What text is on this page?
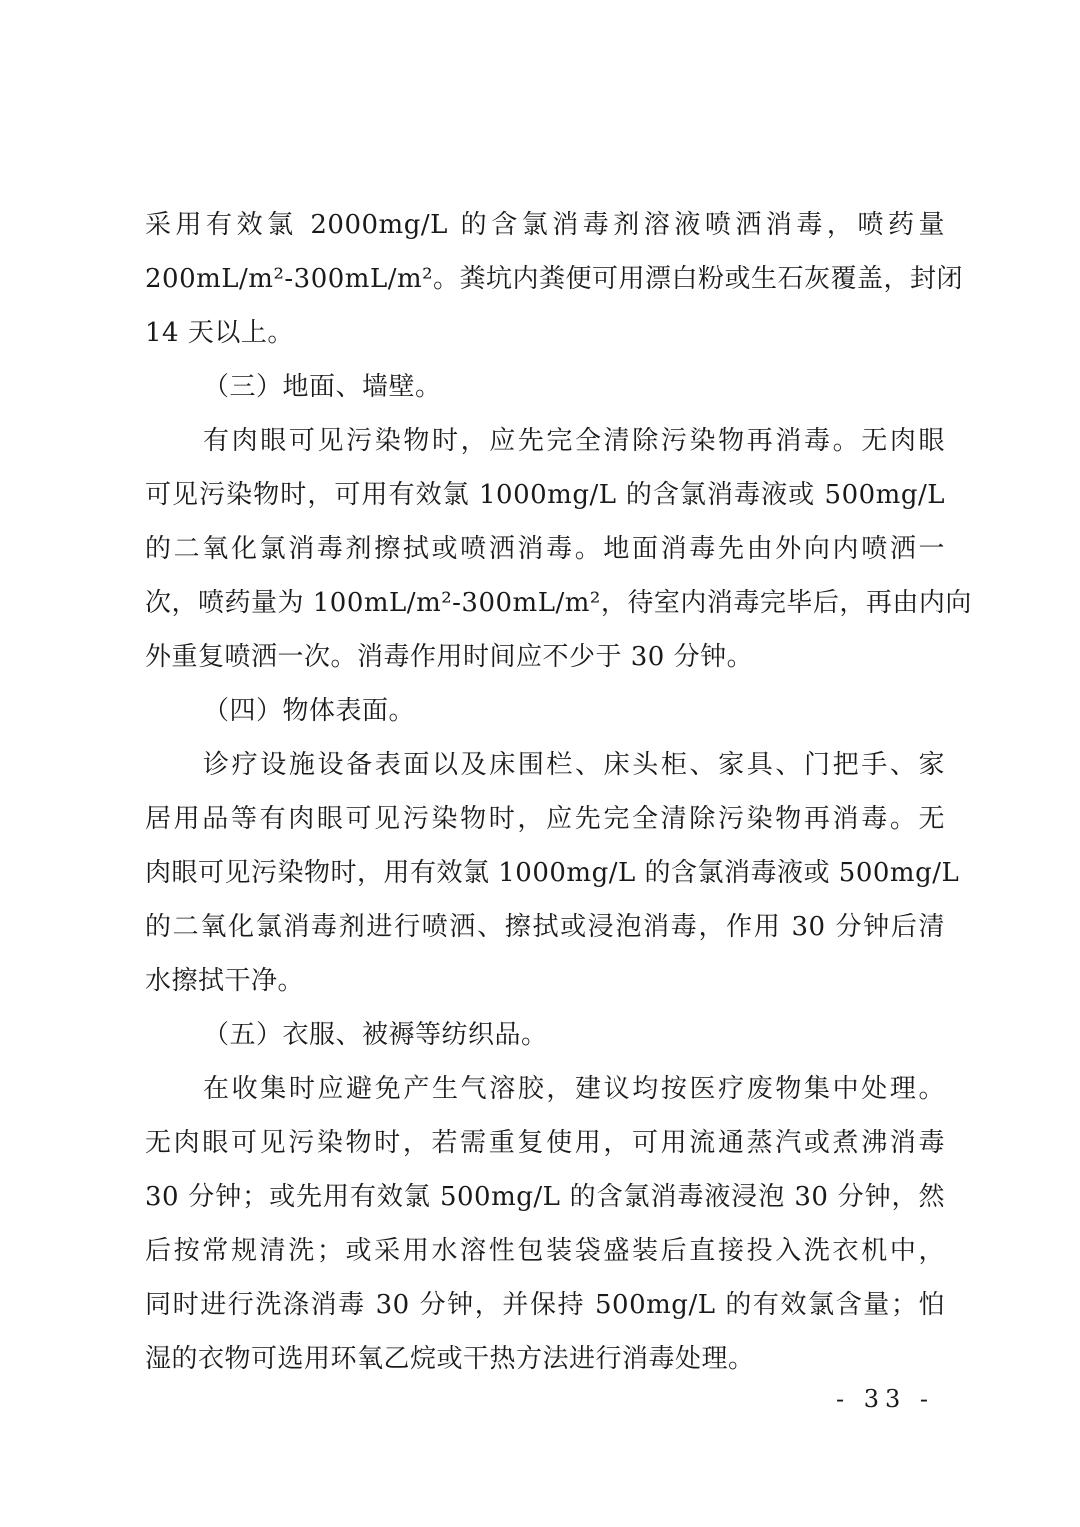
采用有效氯 2000mg/L 的含氯消毒剂溶液喷洒消毒，喷药量
200mL/m²-300mL/m²。粪坑内粪便可用漂白粉或生石灰覆盖，封闭
14 天以上。
（三）地面、墙壁。
有肉眼可见污染物时，应先完全清除污染物再消毒。无肉眼
可见污染物时，可用有效氯 1000mg/L 的含氯消毒液或 500mg/L
的二氧化氯消毒剂擦拭或喷洒消毒。地面消毒先由外向内喷洒一
次，喷药量为 100mL/m²-300mL/m²，待室内消毒完毕后，再由内向
外重复喷洒一次。消毒作用时间应不少于 30 分钟。
（四）物体表面。
诊疗设施设备表面以及床围栏、床头柜、家具、门把手、家
居用品等有肉眼可见污染物时，应先完全清除污染物再消毒。无
肉眼可见污染物时，用有效氯 1000mg/L 的含氯消毒液或 500mg/L
的二氧化氯消毒剂进行喷洒、擦拭或浸泡消毒，作用 30 分钟后清
水擦拭干净。
（五）衣服、被褥等纺织品。
在收集时应避免产生气溶胶，建议均按医疗废物集中处理。
无肉眼可见污染物时，若需重复使用，可用流通蒸汽或煮沸消毒
30 分钟；或先用有效氯 500mg/L 的含氯消毒液浸泡 30 分钟，然
后按常规清洗；或采用水溶性包装袋盛装后直接投入洗衣机中，
同时进行洗涤消毒 30 分钟，并保持 500mg/L 的有效氯含量；怕
湿的衣物可选用环氧乙烷或干热方法进行消毒处理。
- 33 -
